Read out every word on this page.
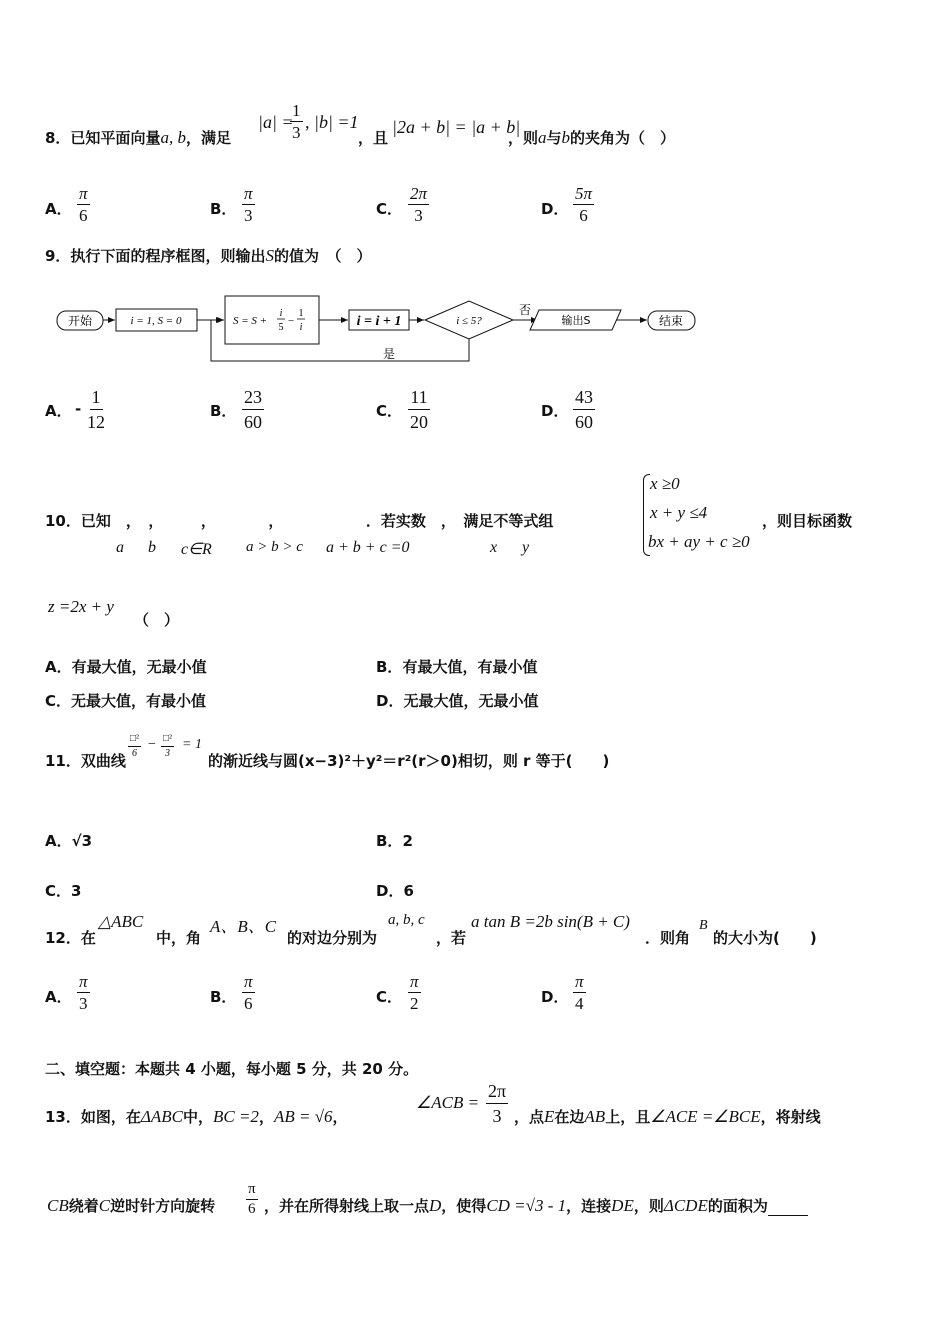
8．已知平面向量a, b，满足
|a| =
$\frac{1}{3}$ , |b| =1
，且
|2a + b| = |a + b|
，则a与b的夹角为（　）
A． $\frac{\pi}{6}$	B． $\frac{\pi}{3}$	C． $\frac{2\pi}{3}$	D． $\frac{5\pi}{6}$
9．执行下面的程序框图，则输出S的值为　（　）
开始	i = 1, S = 0	S = S +
i
5
−
1
i	i = i + 1	i ≤ 5?
否
输出S	结束
是
A． - $\frac{1}{12}$	B． $\frac{23}{60}$	C． $\frac{11}{20}$	D． $\frac{43}{60}$
10．已知　，　，　　　，　　　　，　　　　　　．若实数　，　满足不等式组
a b c∈R a > b > c a + b + c =0	x y
x ≥0
x + y ≤4
bx + ay + c ≥0
，则目标函数
z =2x + y
（　）
A．有最大值，无最小值	B．有最大值，有最小值
C．无最大值，有最小值	D．无最大值，无最小值
11．双曲线
□²
6
− □²
3
= 1
的渐近线与圆(x−3)²＋y²＝r²(r＞0)相切，则 r 等于(　　)
A．√3	B．2
C．3	D．6
12．在
△ABC
中，角
A、B、C
的对边分别为
a, b, c
，若
a tan B =2b sin(B + C)
．则角
B
的大小为(　　)
A． $\frac{\pi}{3}$	B． $\frac{\pi}{6}$	C． $\frac{\pi}{2}$	D． $\frac{\pi}{4}$
二、填空题：本题共 4 小题，每小题 5 分，共 20 分。
13．如图，在ΔABC中，BC =2，AB = √6，
∠ACB = $\frac{2\pi}{3}$ ，点E在边AB上，且∠ACE =∠BCE，将射线
CB绕着C逆时针方向旋转 $\frac{\pi}{6}$ ，并在所得射线上取一点D，使得CD =√3 - 1，连接DE，则ΔCDE的面积为
